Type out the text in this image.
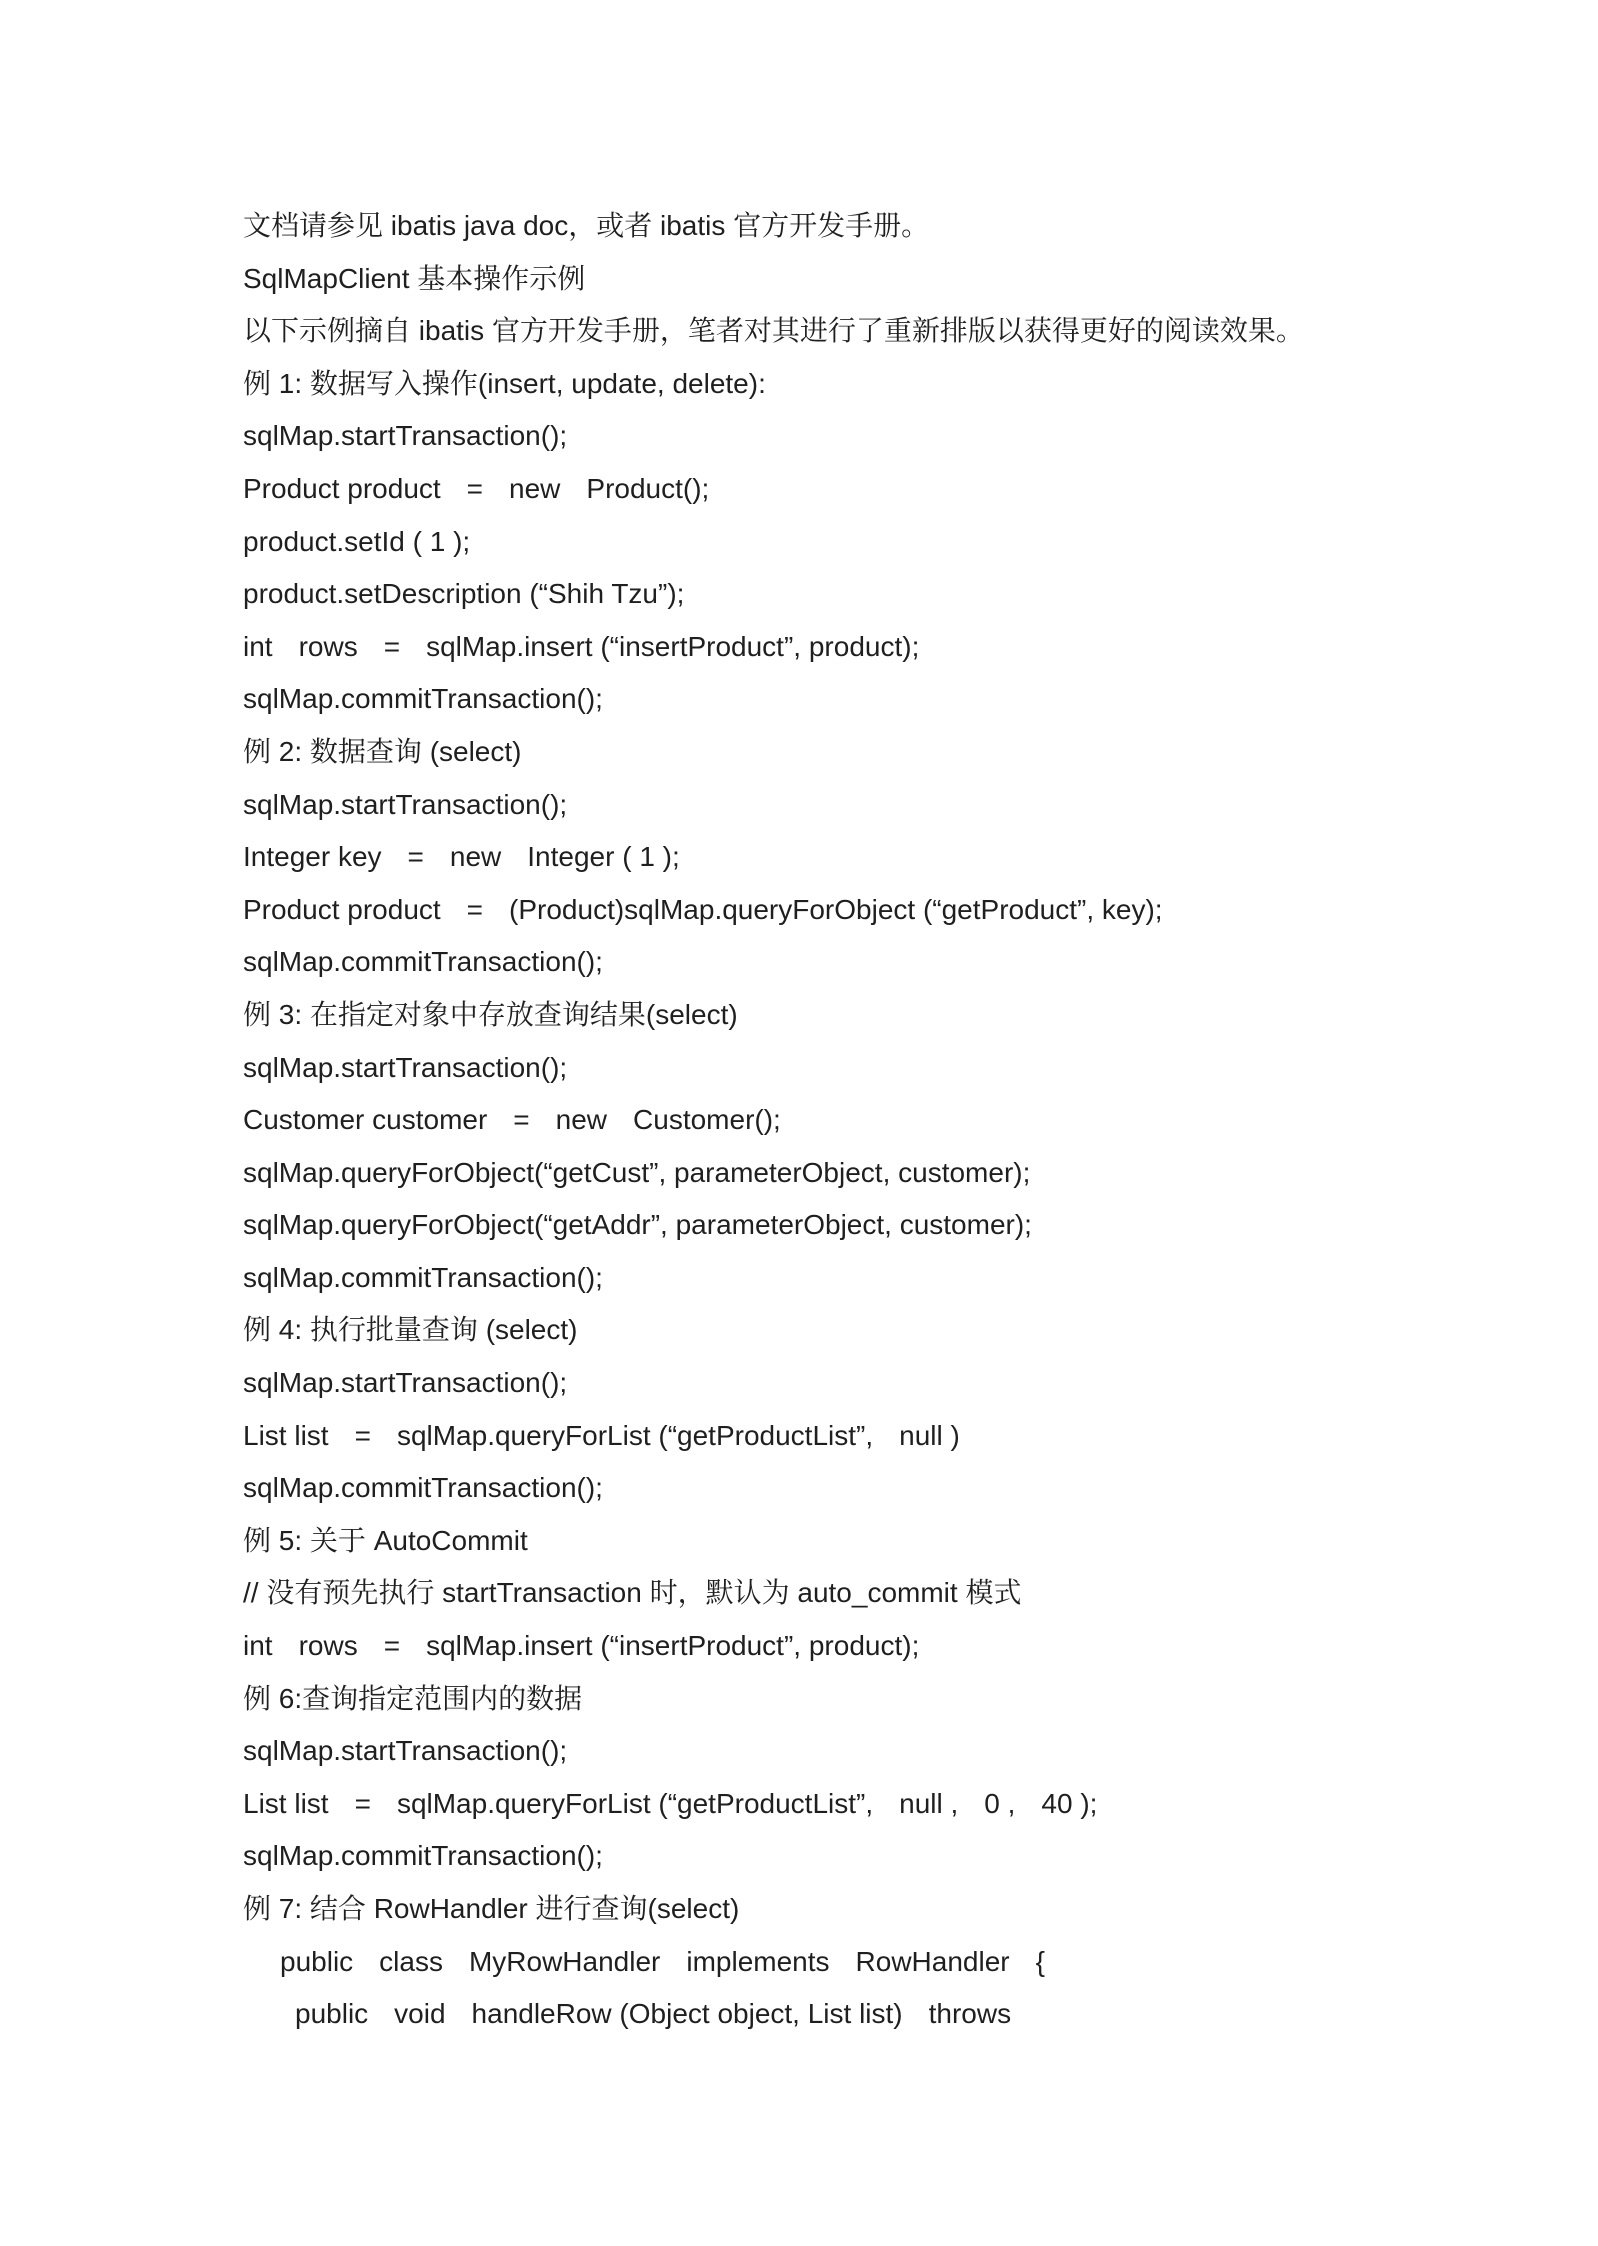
文档请参见 ibatis java doc，或者 ibatis 官方开发手册。
SqlMapClient 基本操作示例
以下示例摘自 ibatis 官方开发手册，笔者对其进行了重新排版以获得更好的阅读效果。
例 1: 数据写入操作(insert, update, delete):
sqlMap.startTransaction();
Product product = new Product();
product.setId ( 1 );
product.setDescription (“Shih Tzu”);
int rows = sqlMap.insert (“insertProduct”, product);
sqlMap.commitTransaction();
例 2: 数据查询 (select)
sqlMap.startTransaction();
Integer key = new Integer ( 1 );
Product product = (Product)sqlMap.queryForObject (“getProduct”, key);
sqlMap.commitTransaction();
例 3: 在指定对象中存放查询结果(select)
sqlMap.startTransaction();
Customer customer = new Customer();
sqlMap.queryForObject(“getCust”, parameterObject, customer);
sqlMap.queryForObject(“getAddr”, parameterObject, customer);
sqlMap.commitTransaction();
例 4: 执行批量查询 (select)
sqlMap.startTransaction();
List list = sqlMap.queryForList (“getProductList”, null )
sqlMap.commitTransaction();
例 5: 关于 AutoCommit
// 没有预先执行 startTransaction 时，默认为 auto_commit 模式
int rows = sqlMap.insert (“insertProduct”, product);
例 6:查询指定范围内的数据
sqlMap.startTransaction();
List list = sqlMap.queryForList (“getProductList”, null , 0 , 40 );
sqlMap.commitTransaction();
例 7: 结合 RowHandler 进行查询(select)
public class MyRowHandler implements RowHandler {
public void handleRow (Object object, List list) throws
